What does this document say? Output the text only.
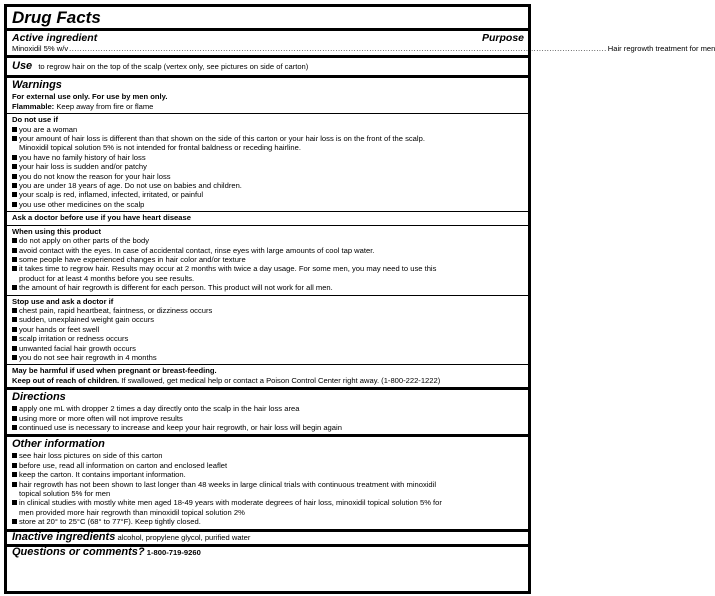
Drug Facts
Active ingredient	Purpose
Minoxidil 5% w/v .............................................................................................................................................................................................................. Hair regrowth treatment for men
Use to regrow hair on the top of the scalp (vertex only, see pictures on side of carton)
Warnings
For external use only. For use by men only.
Flammable: Keep away from fire or flame
Do not use if
you are a woman
your amount of hair loss is different than that shown on the side of this carton or your hair loss is on the front of the scalp.
Minoxidil topical solution 5% is not intended for frontal baldness or receding hairline.
you have no family history of hair loss
your hair loss is sudden and/or patchy
you do not know the reason for your hair loss
you are under 18 years of age. Do not use on babies and children.
your scalp is red, inflamed, infected, irritated, or painful
you use other medicines on the scalp
Ask a doctor before use if you have heart disease
When using this product
do not apply on other parts of the body
avoid contact with the eyes. In case of accidental contact, rinse eyes with large amounts of cool tap water.
some people have experienced changes in hair color and/or texture
it takes time to regrow hair. Results may occur at 2 months with twice a day usage. For some men, you may need to use this
product for at least 4 months before you see results.
the amount of hair regrowth is different for each person. This product will not work for all men.
Stop use and ask a doctor if
chest pain, rapid heartbeat, faintness, or dizziness occurs
sudden, unexplained weight gain occurs
your hands or feet swell
scalp irritation or redness occurs
unwanted facial hair growth occurs
you do not see hair regrowth in 4 months
May be harmful if used when pregnant or breast-feeding.
Keep out of reach of children. If swallowed, get medical help or contact a Poison Control Center right away. (1-800-222-1222)
Directions
apply one mL with dropper 2 times a day directly onto the scalp in the hair loss area
using more or more often will not improve results
continued use is necessary to increase and keep your hair regrowth, or hair loss will begin again
Other information
see hair loss pictures on side of this carton
before use, read all information on carton and enclosed leaflet
keep the carton. It contains important information.
hair regrowth has not been shown to last longer than 48 weeks in large clinical trials with continuous treatment with minoxidil
topical solution 5% for men
in clinical studies with mostly white men aged 18-49 years with moderate degrees of hair loss, minoxidil topical solution 5% for
men provided more hair regrowth than minoxidil topical solution 2%
store at 20° to 25°C (68° to 77°F). Keep tightly closed.
Inactive ingredients alcohol, propylene glycol, purified water
Questions or comments? 1-800-719-9260
